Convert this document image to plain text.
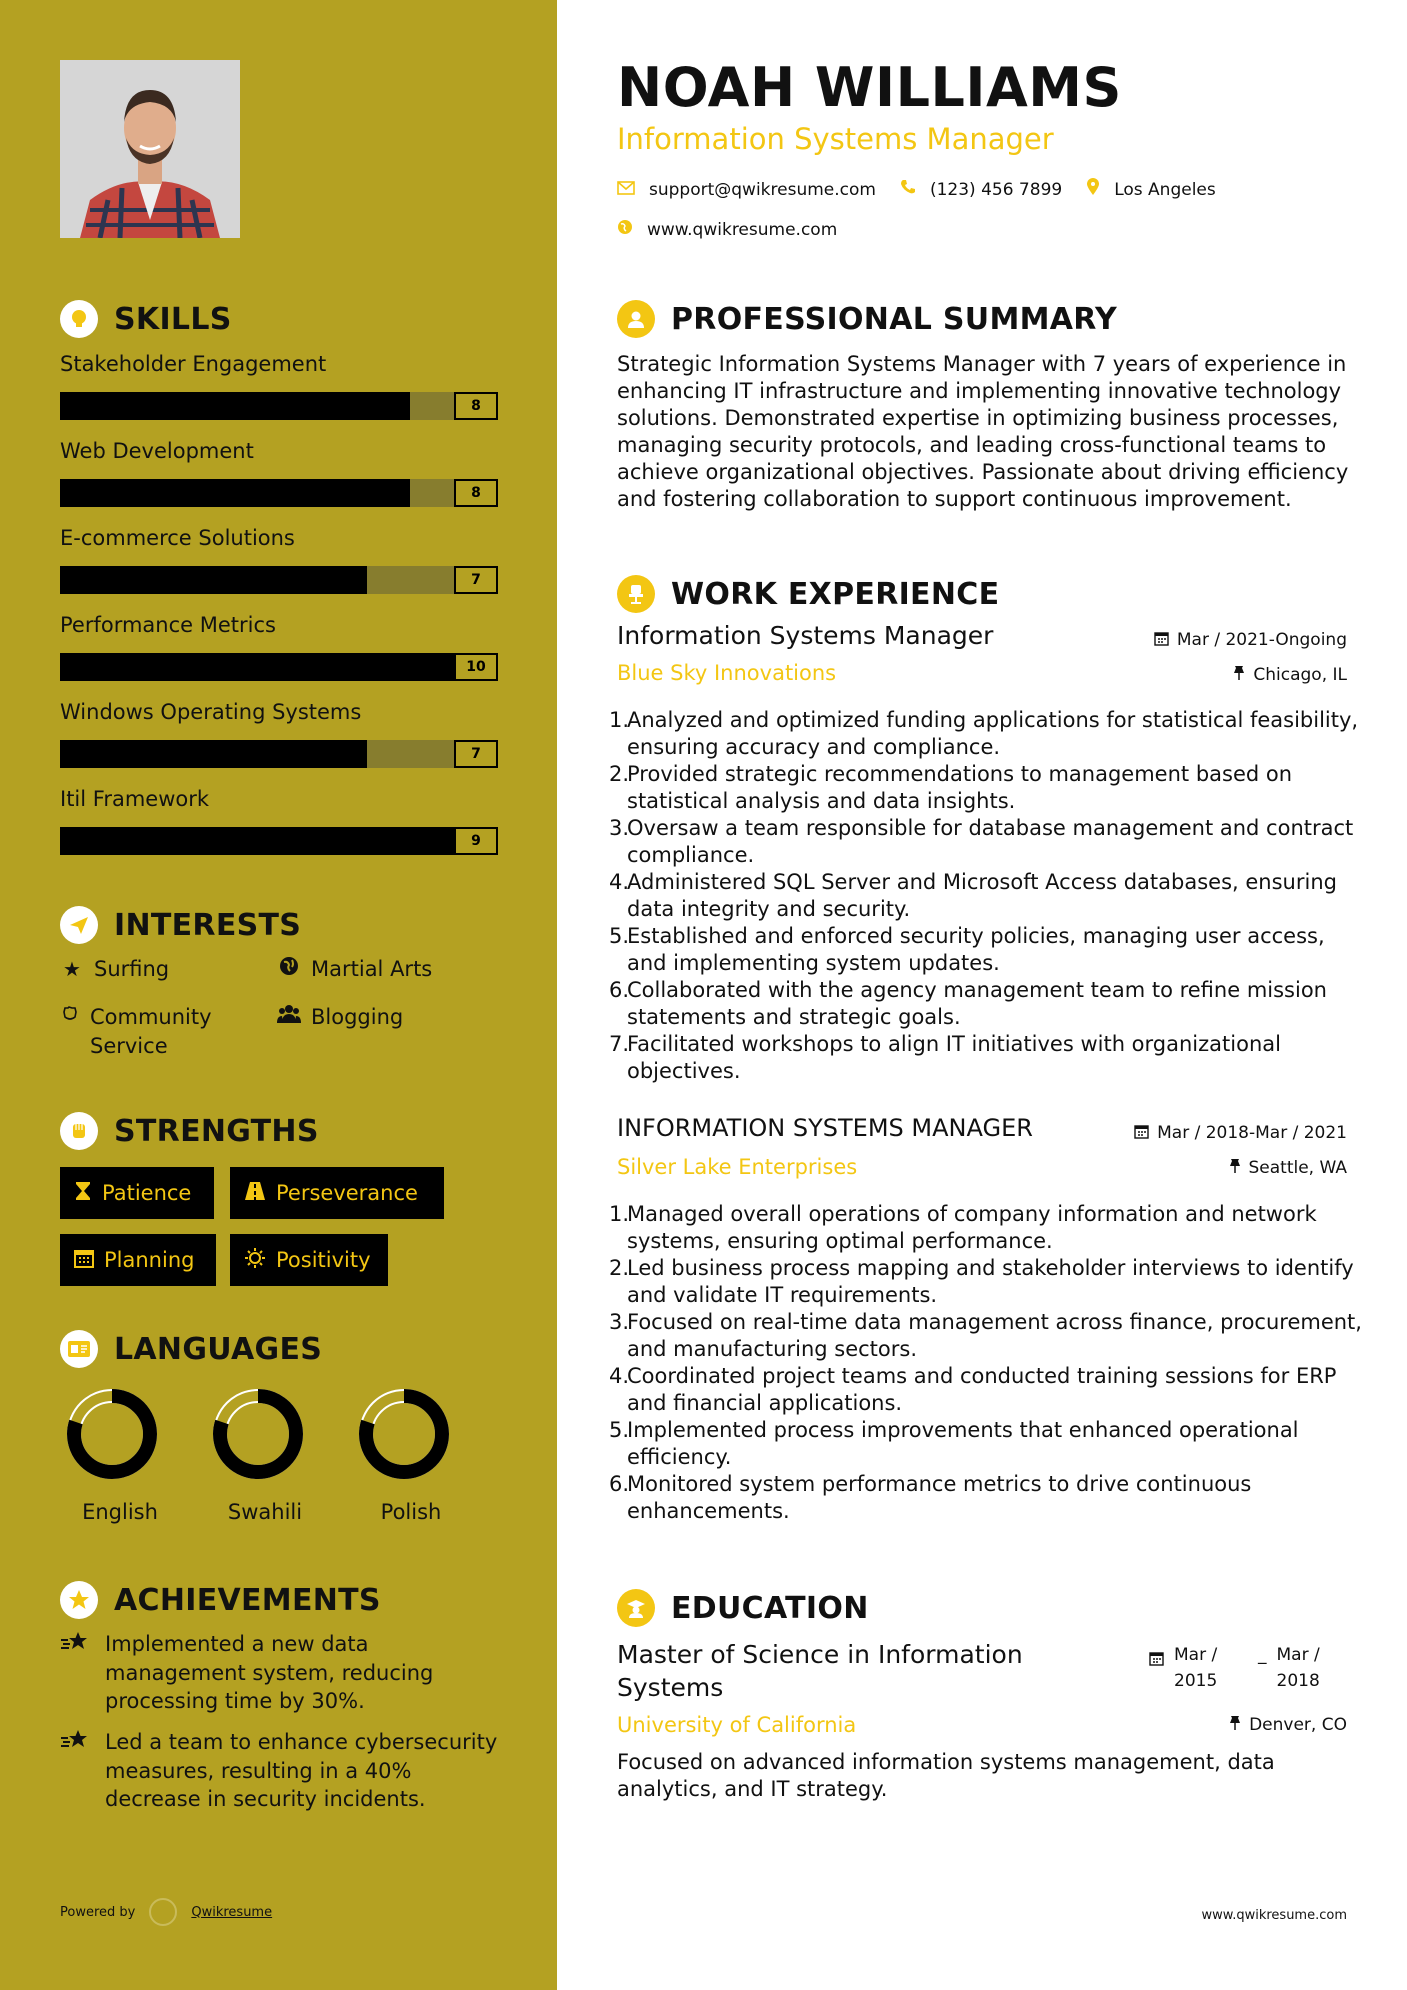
SKILLS
Stakeholder Engagement
8
Web Development
8
E-commerce Solutions
7
Performance Metrics
10
Windows Operating Systems
7
Itil Framework
9
INTERESTS
★ Surfing	Martial Arts
Community Service
Blogging
STRENGTHS
Patience	Perseverance
Planning	Positivity
LANGUAGES
English	Swahili	Polish
ACHIEVEMENTS
Implemented a new data management system, reducing processing time by 30%.
Led a team to enhance cybersecurity measures, resulting in a 40% decrease in security incidents.
Powered by	Qwikresume
NOAH WILLIAMS
Information Systems Manager
support@qwikresume.com	(123) 456 7899	Los Angeles
www.qwikresume.com
PROFESSIONAL SUMMARY
Strategic Information Systems Manager with 7 years of experience in enhancing IT infrastructure and implementing innovative technology solutions. Demonstrated expertise in optimizing business processes, managing security protocols, and leading cross-functional teams to achieve organizational objectives. Passionate about driving efficiency and fostering collaboration to support continuous improvement.
WORK EXPERIENCE
Information Systems Manager	Mar / 2021-Ongoing
Blue Sky Innovations	Chicago, IL
1.
Analyzed and optimized funding applications for statistical feasibility, ensuring accuracy and compliance.
2.
Provided strategic recommendations to management based on statistical analysis and data insights.
3.
Oversaw a team responsible for database management and contract compliance.
4.
Administered SQL Server and Microsoft Access databases, ensuring data integrity and security.
5.
Established and enforced security policies, managing user access, and implementing system updates.
6.
Collaborated with the agency management team to refine mission statements and strategic goals.
7.
Facilitated workshops to align IT initiatives with organizational objectives.
INFORMATION SYSTEMS MANAGER	Mar / 2018-Mar / 2021
Silver Lake Enterprises	Seattle, WA
1.
Managed overall operations of company information and network systems, ensuring optimal performance.
2.
Led business process mapping and stakeholder interviews to identify and validate IT requirements.
3.
Focused on real-time data management across finance, procurement, and manufacturing sectors.
4.
Coordinated project teams and conducted training sessions for ERP and financial applications.
5.
Implemented process improvements that enhanced operational efficiency.
6.
Monitored system performance metrics to drive continuous enhancements.
EDUCATION
Master of Science in Information Systems
Mar / 2015
_ Mar / 2018
University of California	Denver, CO
Focused on advanced information systems management, data analytics, and IT strategy.
www.qwikresume.com
